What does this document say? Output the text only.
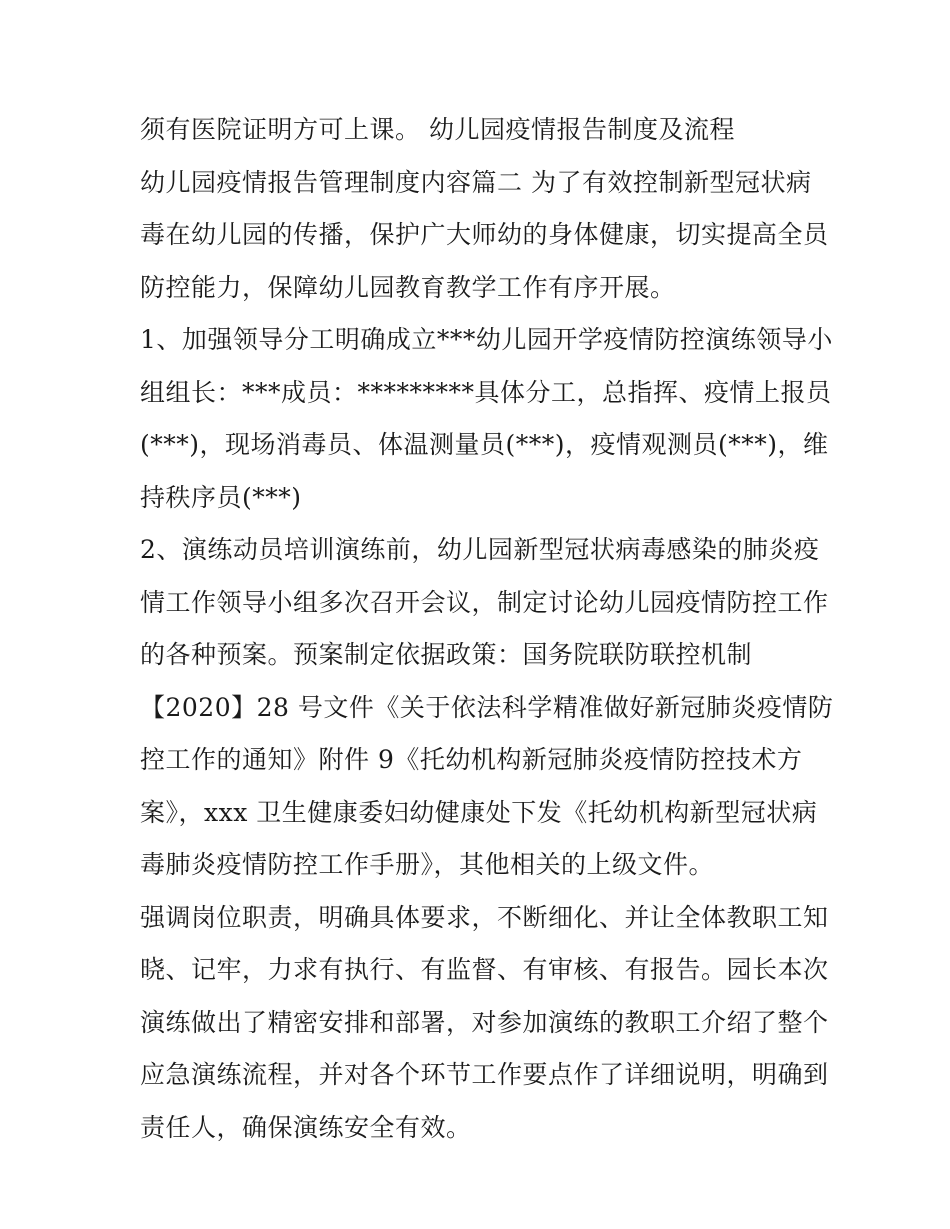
须有医院证明方可上课。 幼儿园疫情报告制度及流程
幼儿园疫情报告管理制度内容篇二 为了有效控制新型冠状病
毒在幼儿园的传播，保护广大师幼的身体健康，切实提高全员
防控能力，保障幼儿园教育教学工作有序开展。
1、加强领导分工明确成立***幼儿园开学疫情防控演练领导小
组组长：***成员：*********具体分工，总指挥、疫情上报员
(***)，现场消毒员、体温测量员(***)，疫情观测员(***)，维
持秩序员(***)
2、演练动员培训演练前，幼儿园新型冠状病毒感染的肺炎疫
情工作领导小组多次召开会议，制定讨论幼儿园疫情防控工作
的各种预案。预案制定依据政策：国务院联防联控机制
【2020】28 号文件《关于依法科学精准做好新冠肺炎疫情防
控工作的通知》附件 9《托幼机构新冠肺炎疫情防控技术方
案》，xxx 卫生健康委妇幼健康处下发《托幼机构新型冠状病
毒肺炎疫情防控工作手册》，其他相关的上级文件。
强调岗位职责，明确具体要求，不断细化、并让全体教职工知
晓、记牢，力求有执行、有监督、有审核、有报告。园长本次
演练做出了精密安排和部署，对参加演练的教职工介绍了整个
应急演练流程，并对各个环节工作要点作了详细说明，明确到
责任人，确保演练安全有效。
